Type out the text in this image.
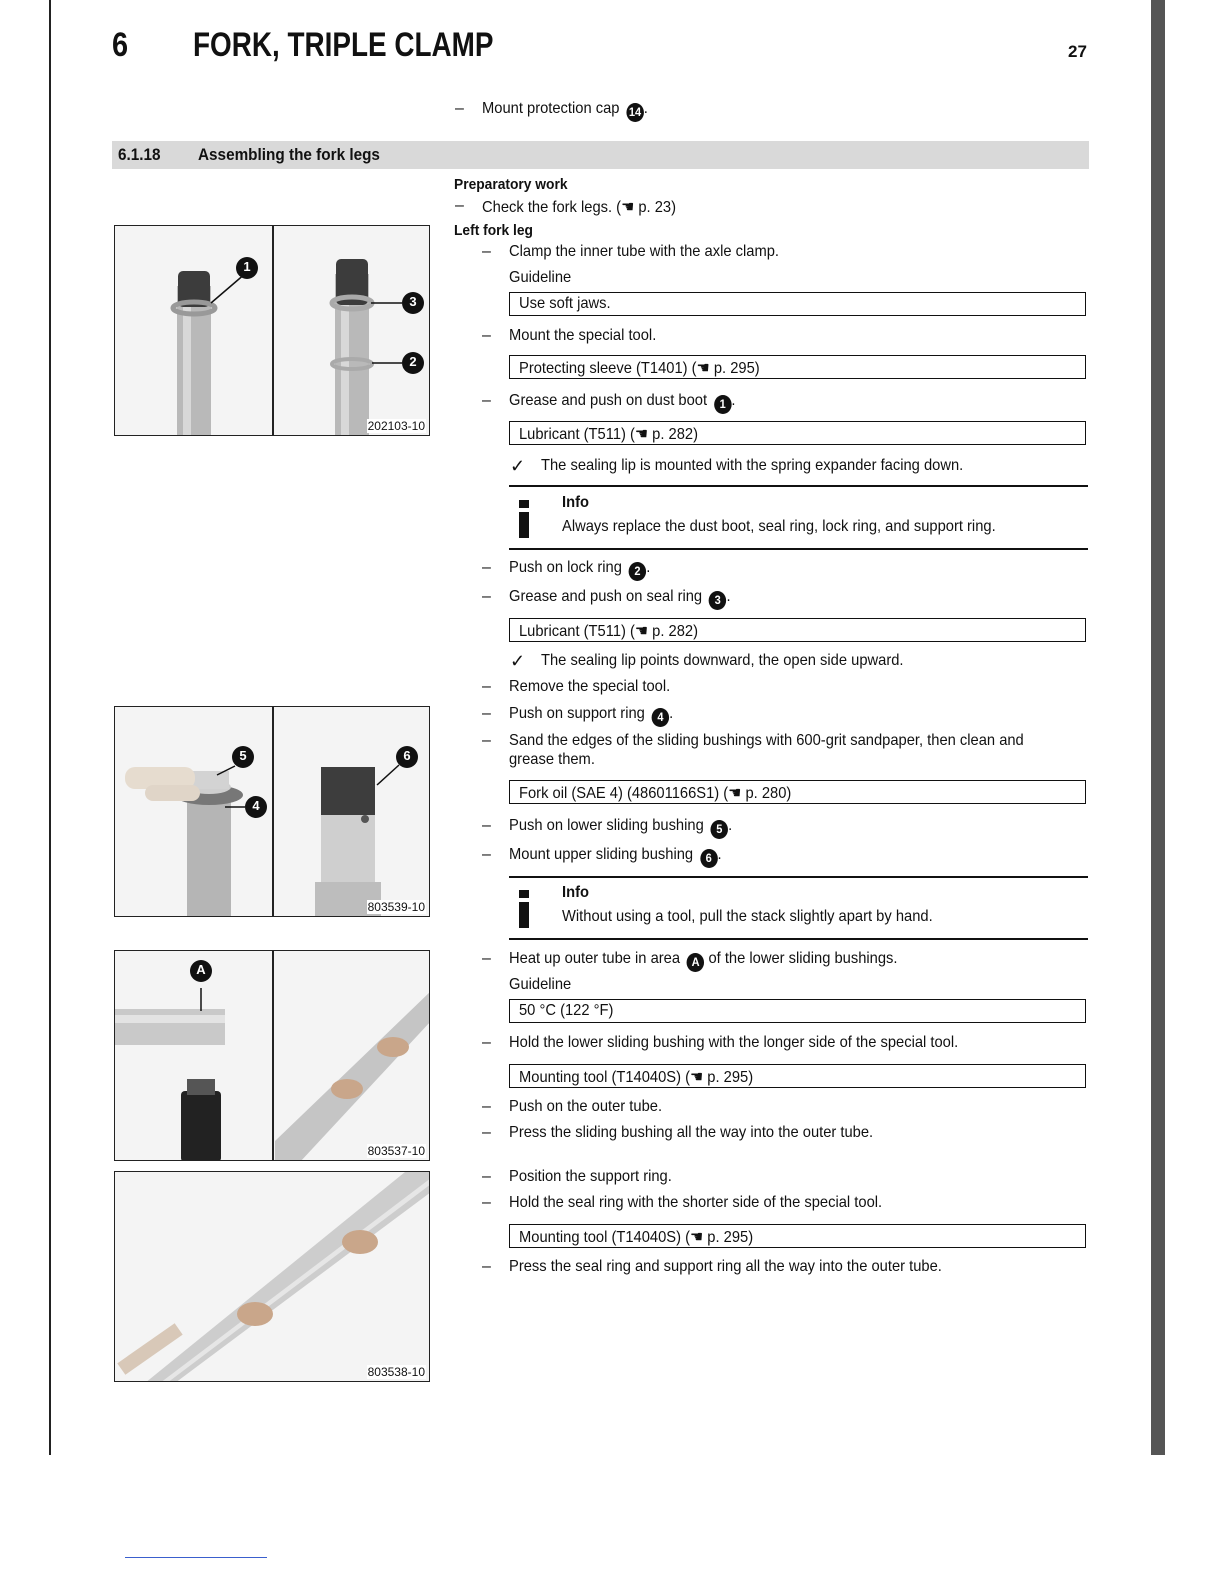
6 FORK, TRIPLE CLAMP	27
– Mount protection cap 14 .
6.1.18 Assembling the fork legs
Preparatory work
– Check the fork legs. (☚ p. 23)
Left fork leg
– Clamp the inner tube with the axle clamp.
Guideline
Use soft jaws.
– Mount the special tool.
Protecting sleeve (T1401) (☚ p. 295)
– Grease and push on dust boot 1 .
Lubricant (T511) (☚ p. 282)
✓ The sealing lip is mounted with the spring expander facing down.
Info
Always replace the dust boot, seal ring, lock ring, and support ring.
– Push on lock ring 2 .
– Grease and push on seal ring 3 .
Lubricant (T511) (☚ p. 282)
✓ The sealing lip points downward, the open side upward.
– Remove the special tool.
– Push on support ring 4 .
– Sand the edges of the sliding bushings with 600-grit sandpaper, then clean and
grease them.
Fork oil (SAE 4) (48601166S1) (☚ p. 280)
– Push on lower sliding bushing 5 .
– Mount upper sliding bushing 6 .
Info
Without using a tool, pull the stack slightly apart by hand.
– Heat up outer tube in area A of the lower sliding bushings.
Guideline
50 °C (122 °F)
– Hold the lower sliding bushing with the longer side of the special tool.
Mounting tool (T14040S) (☚ p. 295)
– Push on the outer tube.
– Press the sliding bushing all the way into the outer tube.
– Position the support ring.
– Hold the seal ring with the shorter side of the special tool.
Mounting tool (T14040S) (☚ p. 295)
– Press the seal ring and support ring all the way into the outer tube.
1
3
2
202103-10
5
4
6
803539-10
A
803537-10
803538-10
